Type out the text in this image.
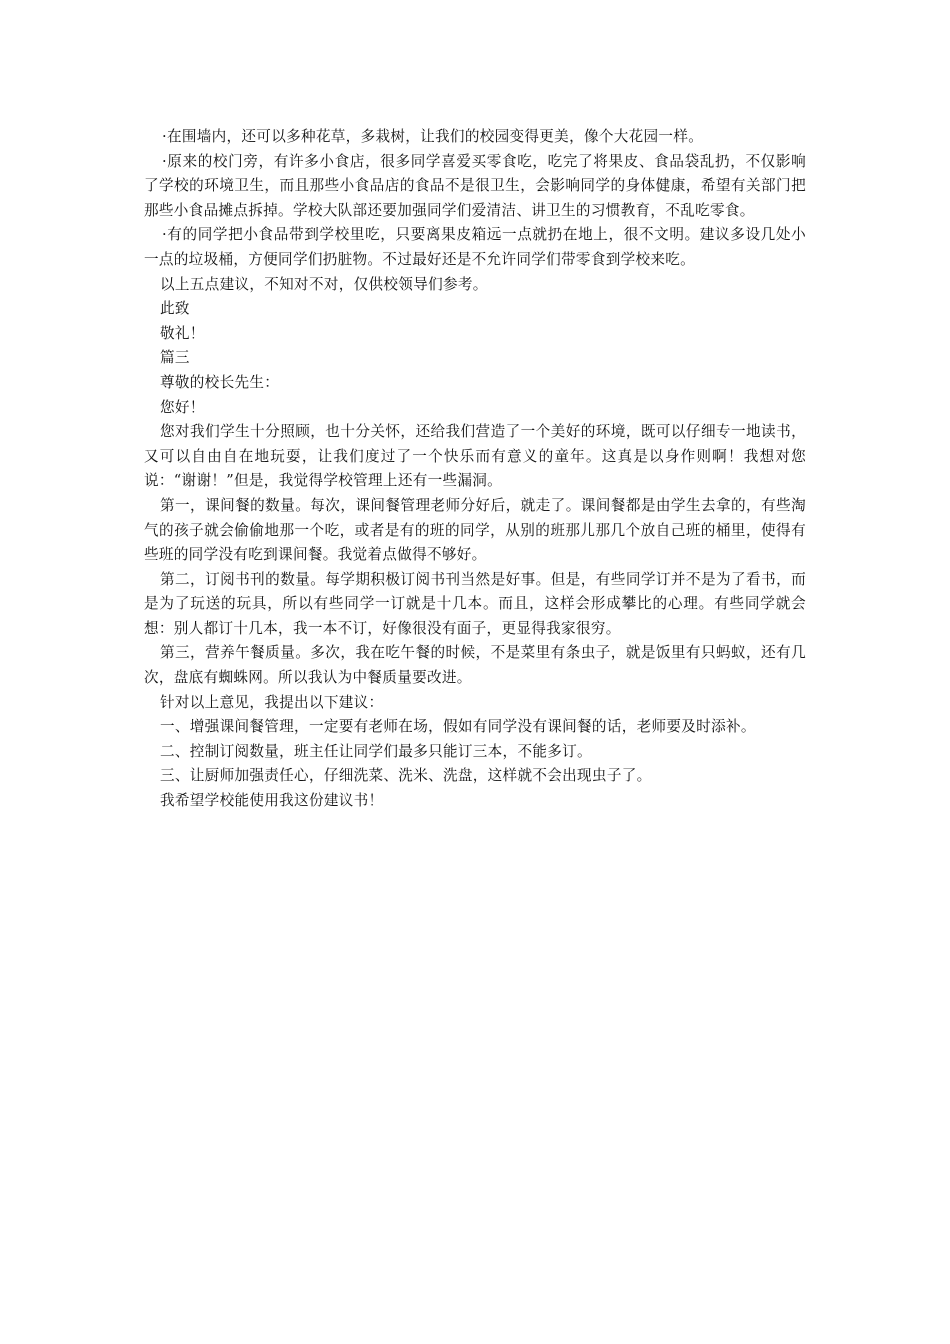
·在围墙内，还可以多种花草，多栽树，让我们的校园变得更美，像个大花园一样。

·原来的校门旁，有许多小食店，很多同学喜爱买零食吃，吃完了将果皮、食品袋乱扔，不仅影响了学校的环境卫生，而且那些小食品店的食品不是很卫生，会影响同学的身体健康，希望有关部门把那些小食品摊点拆掉。学校大队部还要加强同学们爱清洁、讲卫生的习惯教育，不乱吃零食。

·有的同学把小食品带到学校里吃，只要离果皮箱远一点就扔在地上，很不文明。建议多设几处小一点的垃圾桶，方便同学们扔脏物。不过最好还是不允许同学们带零食到学校来吃。

以上五点建议，不知对不对，仅供校领导们参考。

此致

敬礼！

篇三

尊敬的校长先生：

您好！

您对我们学生十分照顾，也十分关怀，还给我们营造了一个美好的环境，既可以仔细专一地读书，又可以自由自在地玩耍，让我们度过了一个快乐而有意义的童年。这真是以身作则啊！我想对您说：“谢谢！”但是，我觉得学校管理上还有一些漏洞。

第一，课间餐的数量。每次，课间餐管理老师分好后，就走了。课间餐都是由学生去拿的，有些淘气的孩子就会偷偷地那一个吃，或者是有的班的同学，从别的班那儿那几个放自己班的桶里，使得有些班的同学没有吃到课间餐。我觉着点做得不够好。

第二，订阅书刊的数量。每学期积极订阅书刊当然是好事。但是，有些同学订并不是为了看书，而是为了玩送的玩具，所以有些同学一订就是十几本。而且，这样会形成攀比的心理。有些同学就会想：别人都订十几本，我一本不订，好像很没有面子，更显得我家很穷。

第三，营养午餐质量。多次，我在吃午餐的时候，不是菜里有条虫子，就是饭里有只蚂蚁，还有几次，盘底有蜘蛛网。所以我认为中餐质量要改进。

针对以上意见，我提出以下建议：

一、增强课间餐管理，一定要有老师在场，假如有同学没有课间餐的话，老师要及时添补。

二、控制订阅数量，班主任让同学们最多只能订三本，不能多订。

三、让厨师加强责任心，仔细洗菜、洗米、洗盘，这样就不会出现虫子了。

我希望学校能使用我这份建议书！
